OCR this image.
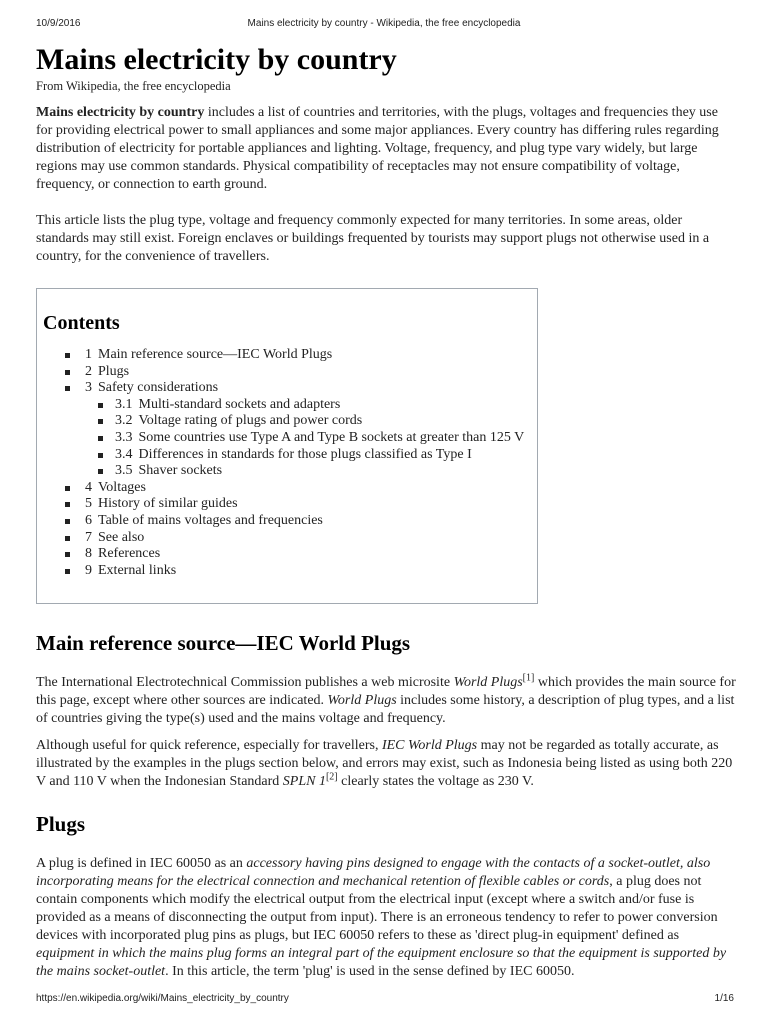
10/9/2016	Mains electricity by country - Wikipedia, the free encyclopedia
Mains electricity by country
From Wikipedia, the free encyclopedia

Mains electricity by country includes a list of countries and territories, with the plugs, voltages and frequencies they use for providing electrical power to small appliances and some major appliances. Every country has differing rules regarding distribution of electricity for portable appliances and lighting. Voltage, frequency, and plug type vary widely, but large regions may use common standards. Physical compatibility of receptacles may not ensure compatibility of voltage, frequency, or connection to earth ground.

This article lists the plug type, voltage and frequency commonly expected for many territories. In some areas, older standards may still exist. Foreign enclaves or buildings frequented by tourists may support plugs not otherwise used in a country, for the convenience of travellers.

Contents
1 Main reference source—IEC World Plugs
2 Plugs
3 Safety considerations
3.1 Multi-standard sockets and adapters
3.2 Voltage rating of plugs and power cords
3.3 Some countries use Type A and Type B sockets at greater than 125 V
3.4 Differences in standards for those plugs classified as Type I
3.5 Shaver sockets
4 Voltages
5 History of similar guides
6 Table of mains voltages and frequencies
7 See also
8 References
9 External links
Main reference source—IEC World Plugs

The International Electrotechnical Commission publishes a web microsite World Plugs[1] which provides the main source for this page, except where other sources are indicated. World Plugs includes some history, a description of plug types, and a list of countries giving the type(s) used and the mains voltage and frequency.

Although useful for quick reference, especially for travellers, IEC World Plugs may not be regarded as totally accurate, as illustrated by the examples in the plugs section below, and errors may exist, such as Indonesia being listed as using both 220 V and 110 V when the Indonesian Standard SPLN 1[2] clearly states the voltage as 230 V.

Plugs

A plug is defined in IEC 60050 as an accessory having pins designed to engage with the contacts of a socket-outlet, also incorporating means for the electrical connection and mechanical retention of flexible cables or cords, a plug does not contain components which modify the electrical output from the electrical input (except where a switch and/or fuse is provided as a means of disconnecting the output from input). There is an erroneous tendency to refer to power conversion devices with incorporated plug pins as plugs, but IEC 60050 refers to these as 'direct plug-in equipment' defined as equipment in which the mains plug forms an integral part of the equipment enclosure so that the equipment is supported by the mains socket-outlet. In this article, the term 'plug' is used in the sense defined by IEC 60050.

https://en.wikipedia.org/wiki/Mains_electricity_by_country	1/16
